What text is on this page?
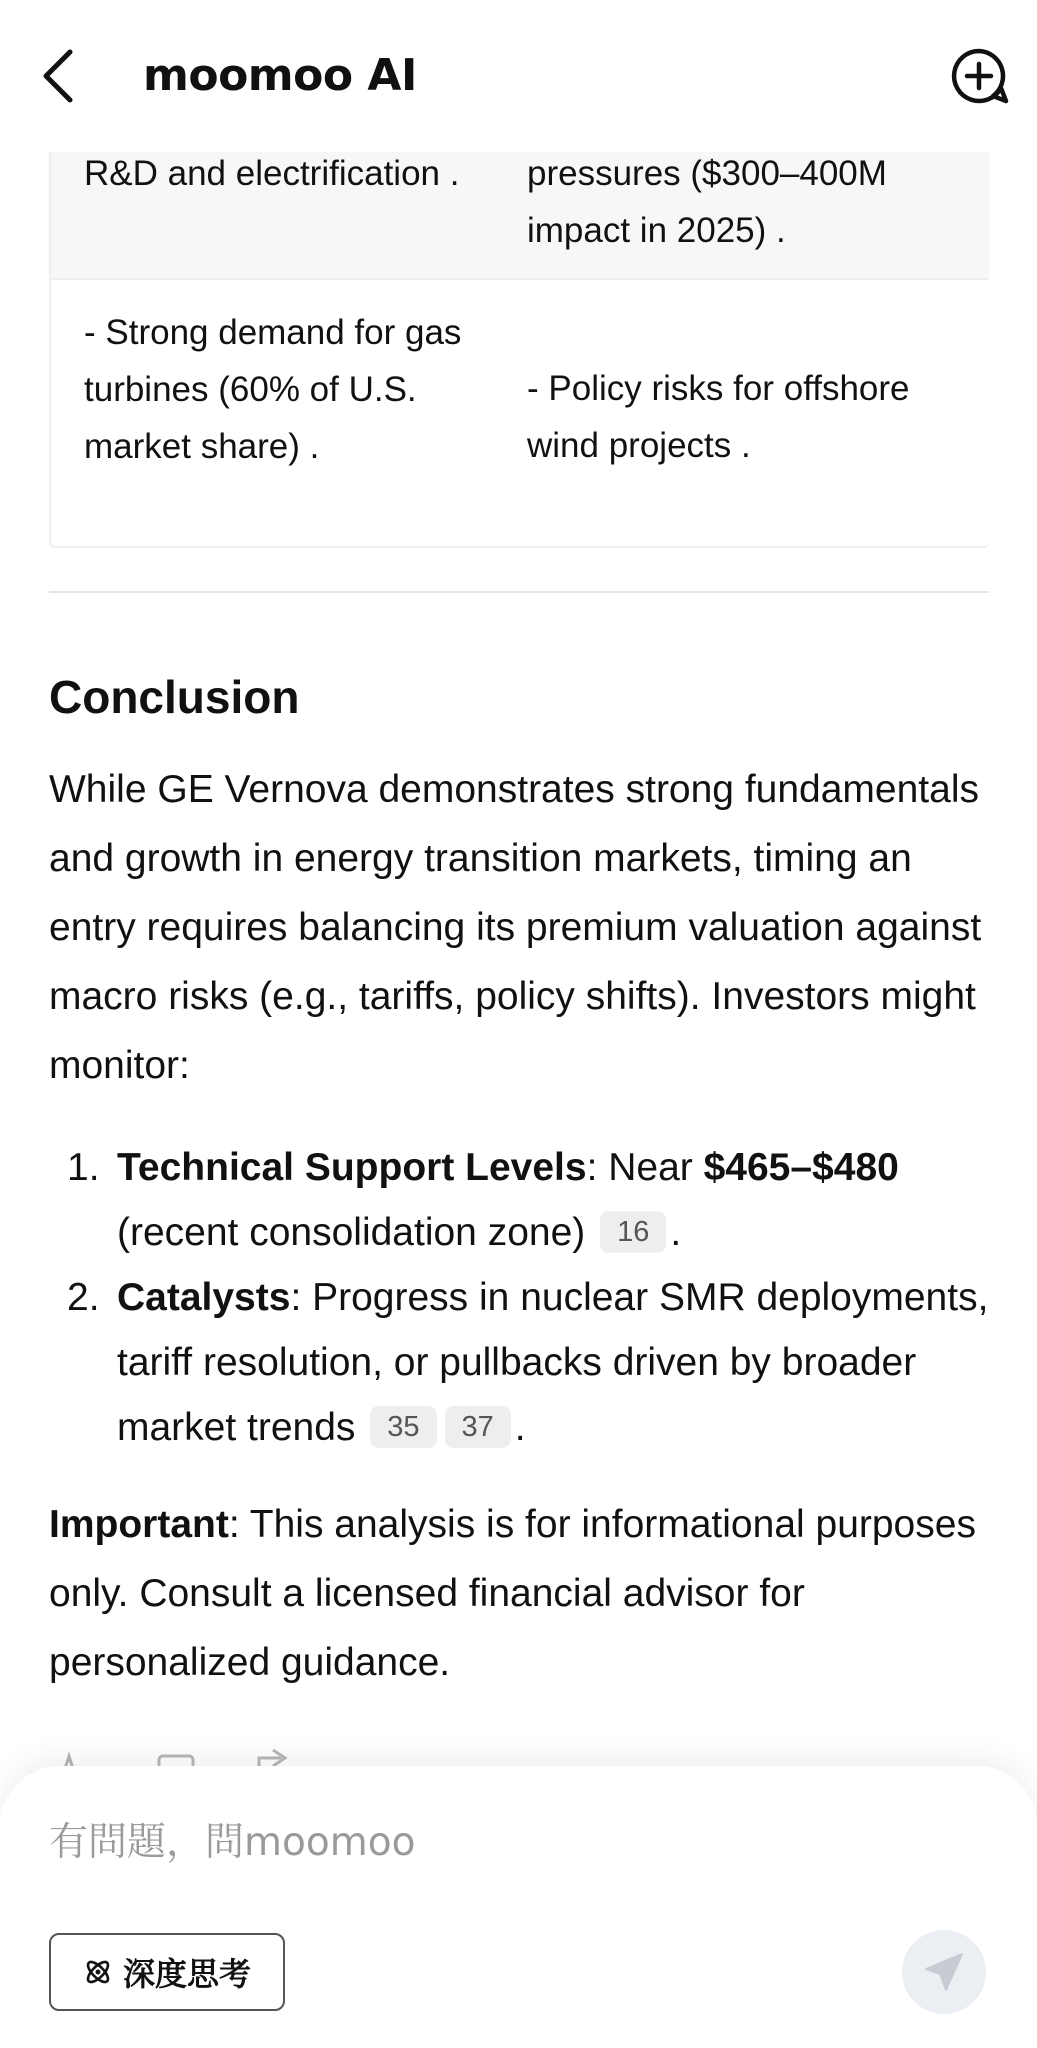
R&D and electrification .	pressures ($300–400M impact in 2025) .
- Strong demand for gas turbines (60% of U.S. market share) .
- Policy risks for offshore wind projects .
Conclusion
While GE Vernova demonstrates strong fundamentals and growth in energy transition markets, timing an entry requires balancing its premium valuation against macro risks (e.g., tariffs, policy shifts). Investors might monitor:
1. Technical Support Levels: Near $465–$480 (recent consolidation zone) 16 .
2. Catalysts: Progress in nuclear SMR deployments, tariff resolution, or pullbacks driven by broader market trends 35 37 .
Important: This analysis is for informational purposes only. Consult a licensed financial advisor for personalized guidance.
moomoo AI
有問題，問moomoo
深度思考
